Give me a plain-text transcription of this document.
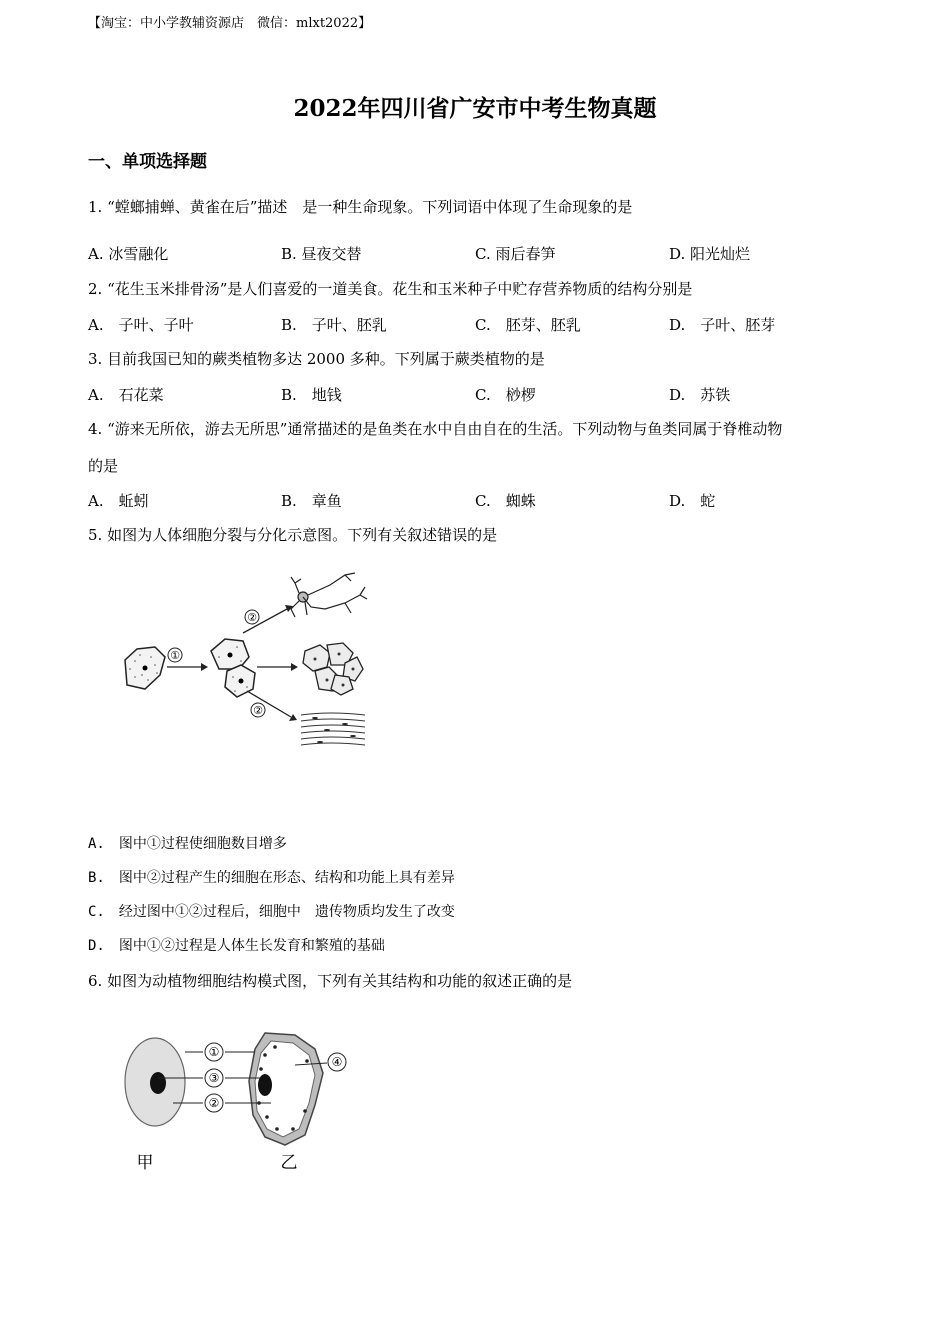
【淘宝：中小学教辅资源店　微信：mlxt2022】
2022年四川省广安市中考生物真题
一、单项选择题
1. “螳螂捕蝉、黄雀在后”描述　是一种生命现象。下列词语中体现了生命现象的是
A. 冰雪融化	B. 昼夜交替	C. 雨后春笋	D. 阳光灿烂
2. “花生玉米排骨汤”是人们喜爱的一道美食。花生和玉米种子中贮存营养物质的结构分别是
A.　子叶、子叶	B.　子叶、胚乳	C.　胚芽、胚乳	D.　子叶、胚芽
3. 目前我国已知的蕨类植物多达 2000 多种。下列属于蕨类植物的是
A.　石花菜	B.　地钱	C.　桫椤	D.　苏铁
4. “游来无所依，游去无所思”通常描述的是鱼类在水中自由自在的生活。下列动物与鱼类同属于脊椎动物
的是
A.　蚯蚓	B.　章鱼	C.　蜘蛛	D.　蛇
5. 如图为人体细胞分裂与分化示意图。下列有关叙述错误的是
①
②
②
A.　图中①过程使细胞数目增多
B.　图中②过程产生的细胞在形态、结构和功能上具有差异
C.　经过图中①②过程后，细胞中　遗传物质均发生了改变
D.　图中①②过程是人体生长发育和繁殖的基础
6. 如图为动植物细胞结构模式图，下列有关其结构和功能的叙述正确的是
①
③
②
④
甲	乙
